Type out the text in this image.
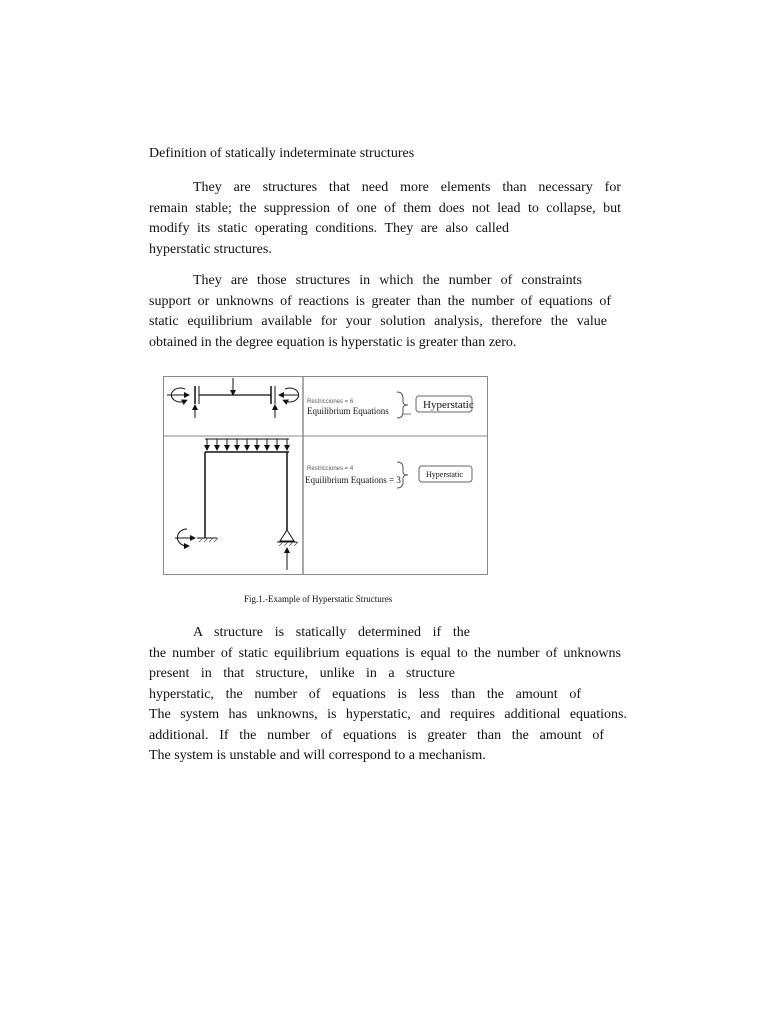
Definition of statically indeterminate structures
They are structures that need more elements than necessary for
remain stable; the suppression of one of them does not lead to collapse, but
modify its static operating conditions. They are also called
hyperstatic structures.
They are those structures in which the number of constraints
support or unknowns of reactions is greater than the number of equations of
static equilibrium available for your solution analysis, therefore the value
obtained in the degree equation is hyperstatic is greater than zero.
Restricciones = 6
Equilibrium Equations	Hyperstatic
Restricciones = 4
Equilibrium Equations = 3
Hyperstatic
Fig.1.-Example of Hyperstatic Structures
A structure is statically determined if the
the number of static equilibrium equations is equal to the number of unknowns
present in that structure, unlike in a structure
hyperstatic, the number of equations is less than the amount of
The system has unknowns, is hyperstatic, and requires additional equations.
additional. If the number of equations is greater than the amount of
The system is unstable and will correspond to a mechanism.
